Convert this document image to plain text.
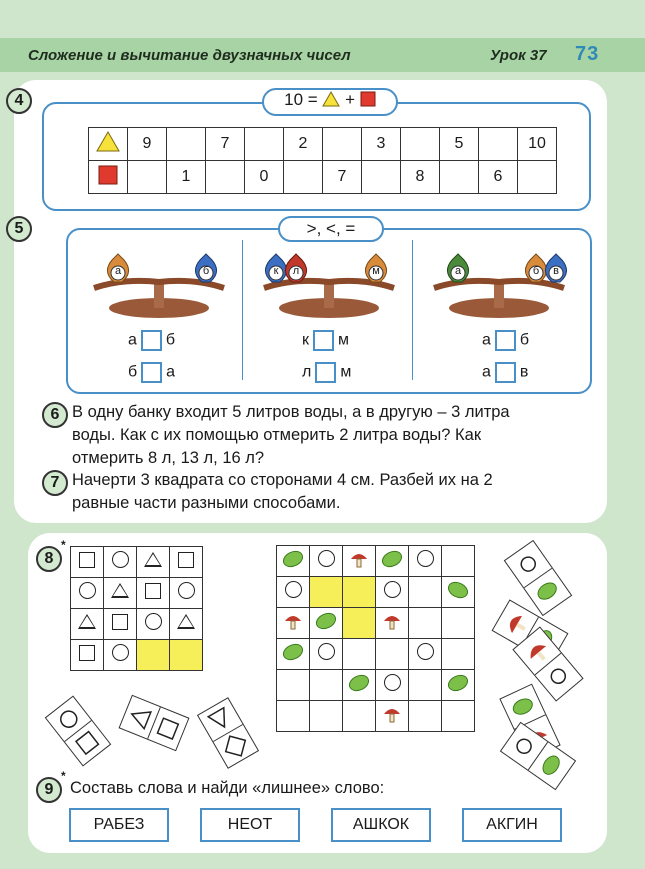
Сложение и вычитание двузначных чисел	Урок 37 73
4	10 = +
	9		7		2		3		5		10
		1		0		7		8		6	
5	>, <, =
а	б
а б
б а
к	л	м
к м
л м
а	б	в
а б
а в
6 В одну банку входит 5 литров воды, а в другую – 3 литра
воды. Как с их помощью отмерить 2 литра воды? Как
отмерить 8 л, 13 л, 16 л?
7 Начерти 3 квадрата со сторонами 4 см. Разбей их на 2
равные части разными способами.
8
*

9
*
Составь слова и найди «лишнее» слово:
РАБЕЗ	НЕОТ	АШКОК	АКГИН
